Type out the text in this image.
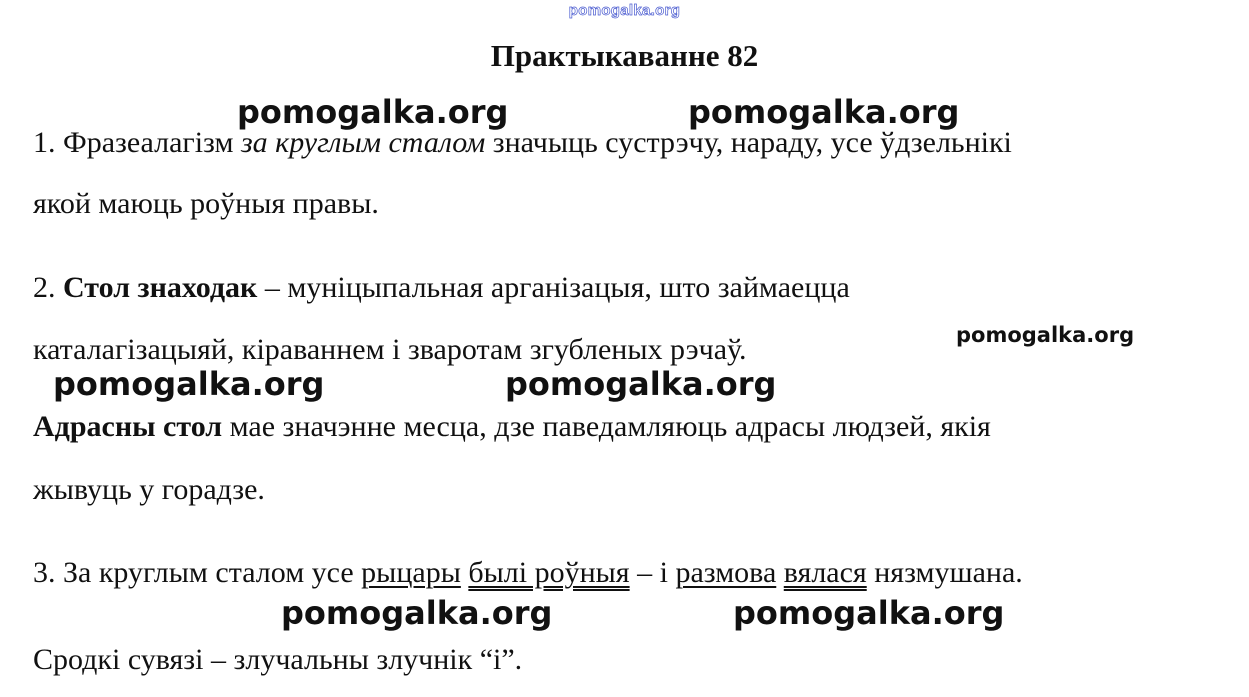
pomogalka.org
Практыкаванне 82
1. Фразеалагізм за круглым сталом значыць сустрэчу, нараду, усе ўдзельнікі
якой маюць роўныя правы.
2. Стол знаходак – муніцыпальная арганізацыя, што займаецца
каталагізацыяй, кіраваннем і зваротам згубленых рэчаў.
Адрасны стол мае значэнне месца, дзе паведамляюць адрасы людзей, якія
жывуць у горадзе.
3. За круглым сталом усе рыцары былі роўныя – і размова вялася нязмушана.
Сродкі сувязі – злучальны злучнік “і”.
pomogalka.org	pomogalka.org
pomogalka.org
pomogalka.org	pomogalka.org
pomogalka.org	pomogalka.org
